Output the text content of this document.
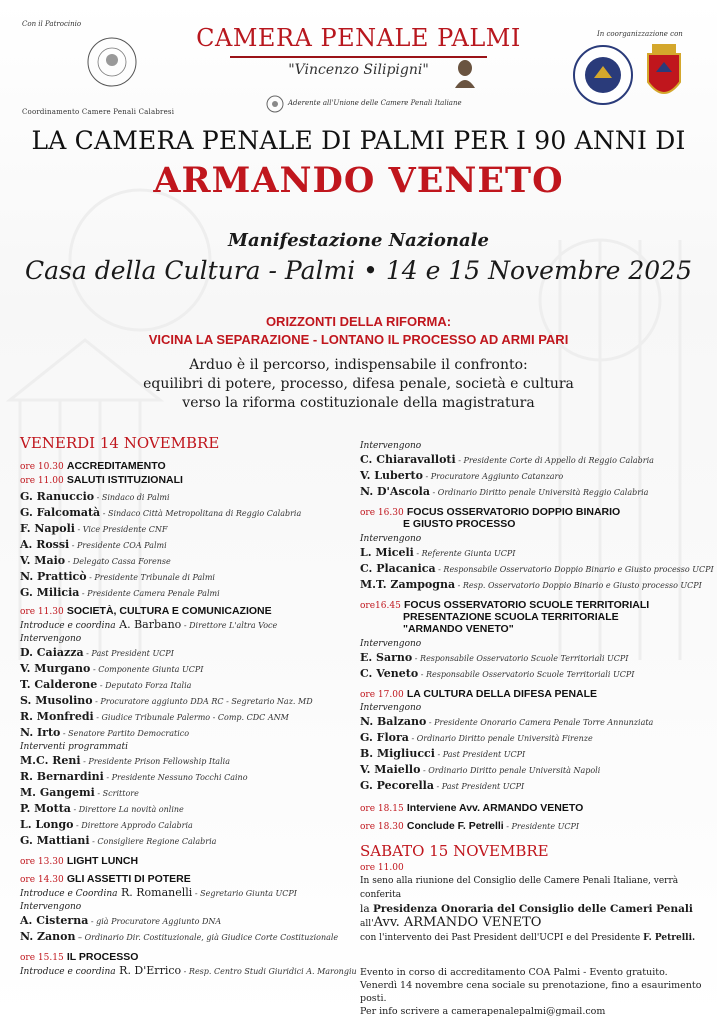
Con il Patrocinio
Coordinamento Camere Penali Calabresi
CAMERA PENALE PALMI
"Vincenzo Silipigni"
Aderente all'Unione delle Camere Penali Italiane
In coorganizzazione con
LA CAMERA PENALE DI PALMI PER I 90 ANNI DI
ARMANDO VENETO
Manifestazione Nazionale
Casa della Cultura - Palmi • 14 e 15 Novembre 2025
ORIZZONTI DELLA RIFORMA:
VICINA LA SEPARAZIONE - LONTANO IL PROCESSO AD ARMI PARI
Arduo è il percorso, indispensabile il confronto:
equilibri di potere, processo, difesa penale, società e cultura
verso la riforma costituzionale della magistratura
VENERDI 14 NOVEMBRE
ore 10.30 ACCREDITAMENTO
ore 11.00 SALUTI ISTITUZIONALI
G. Ranuccio - Sindaco di Palmi
G. Falcomatà - Sindaco Città Metropolitana di Reggio Calabria
F. Napoli - Vice Presidente CNF
A. Rossi - Presidente COA Palmi
V. Maio - Delegato Cassa Forense
N. Pratticò - Presidente Tribunale di Palmi
G. Milicia - Presidente Camera Penale Palmi
ore 11.30 SOCIETÀ, CULTURA E COMUNICAZIONE
Introduce e coordina A. Barbano - Direttore L'altra Voce
Intervengono
D. Caiazza - Past President UCPI
V. Murgano - Componente Giunta UCPI
T. Calderone - Deputato Forza Italia
S. Musolino - Procuratore aggiunto DDA RC - Segretario Naz. MD
R. Monfredi - Giudice Tribunale Palermo - Comp. CDC ANM
N. Irto - Senatore Partito Democratico
Interventi programmati
M.C. Reni - Presidente Prison Fellowship Italia
R. Bernardini - Presidente Nessuno Tocchi Caino
M. Gangemi - Scrittore
P. Motta - Direttore La novità online
L. Longo - Direttore Approdo Calabria
G. Mattiani - Consigliere Regione Calabria
ore 13.30 LIGHT LUNCH
ore 14.30 GLI ASSETTI DI POTERE
Introduce e Coordina R. Romanelli - Segretario Giunta UCPI
Intervengono
A. Cisterna - già Procuratore Aggiunto DNA
N. Zanon – Ordinario Dir. Costituzionale, già Giudice Corte Costituzionale
ore 15.15 IL PROCESSO
Introduce e coordina R. D'Errico - Resp. Centro Studi Giuridici A. Marongiu
Intervengono
C. Chiaravalloti - Presidente Corte di Appello di Reggio Calabria
V. Luberto - Procuratore Aggiunto Catanzaro
N. D'Ascola - Ordinario Diritto penale Università Reggio Calabria
ore 16.30 FOCUS OSSERVATORIO DOPPIO BINARIO
E GIUSTO PROCESSO
Intervengono
L. Miceli - Referente Giunta UCPI
C. Placanica - Responsabile Osservatorio Doppio Binario e Giusto processo UCPI
M.T. Zampogna - Resp. Osservatorio Doppio Binario e Giusto processo UCPI
ore16.45 FOCUS OSSERVATORIO SCUOLE TERRITORIALI
PRESENTAZIONE SCUOLA TERRITORIALE
"ARMANDO VENETO"
Intervengono
E. Sarno - Responsabile Osservatorio Scuole Territoriali UCPI
C. Veneto - Responsabile Osservatorio Scuole Territoriali UCPI
ore 17.00 LA CULTURA DELLA DIFESA PENALE
Intervengono
N. Balzano - Presidente Onorario Camera Penale Torre Annunziata
G. Flora - Ordinario Diritto penale Università Firenze
B. Migliucci - Past President UCPI
V. Maiello - Ordinario Diritto penale Università Napoli
G. Pecorella - Past President UCPI
ore 18.15 Interviene Avv. ARMANDO VENETO
ore 18.30 Conclude F. Petrelli - Presidente UCPI
SABATO 15 NOVEMBRE
ore 11.00
In seno alla riunione del Consiglio delle Camere Penali Italiane, verrà conferita
la Presidenza Onoraria del Consiglio delle Cameri Penali
all'Avv. ARMANDO VENETO
con l'intervento dei Past President dell'UCPI e del Presidente F. Petrelli.
Evento in corso di accreditamento COA Palmi - Evento gratuito.
Venerdì 14 novembre cena sociale su prenotazione, fino a esaurimento posti.
Per info scrivere a camerapenalepalmi@gmail.com
